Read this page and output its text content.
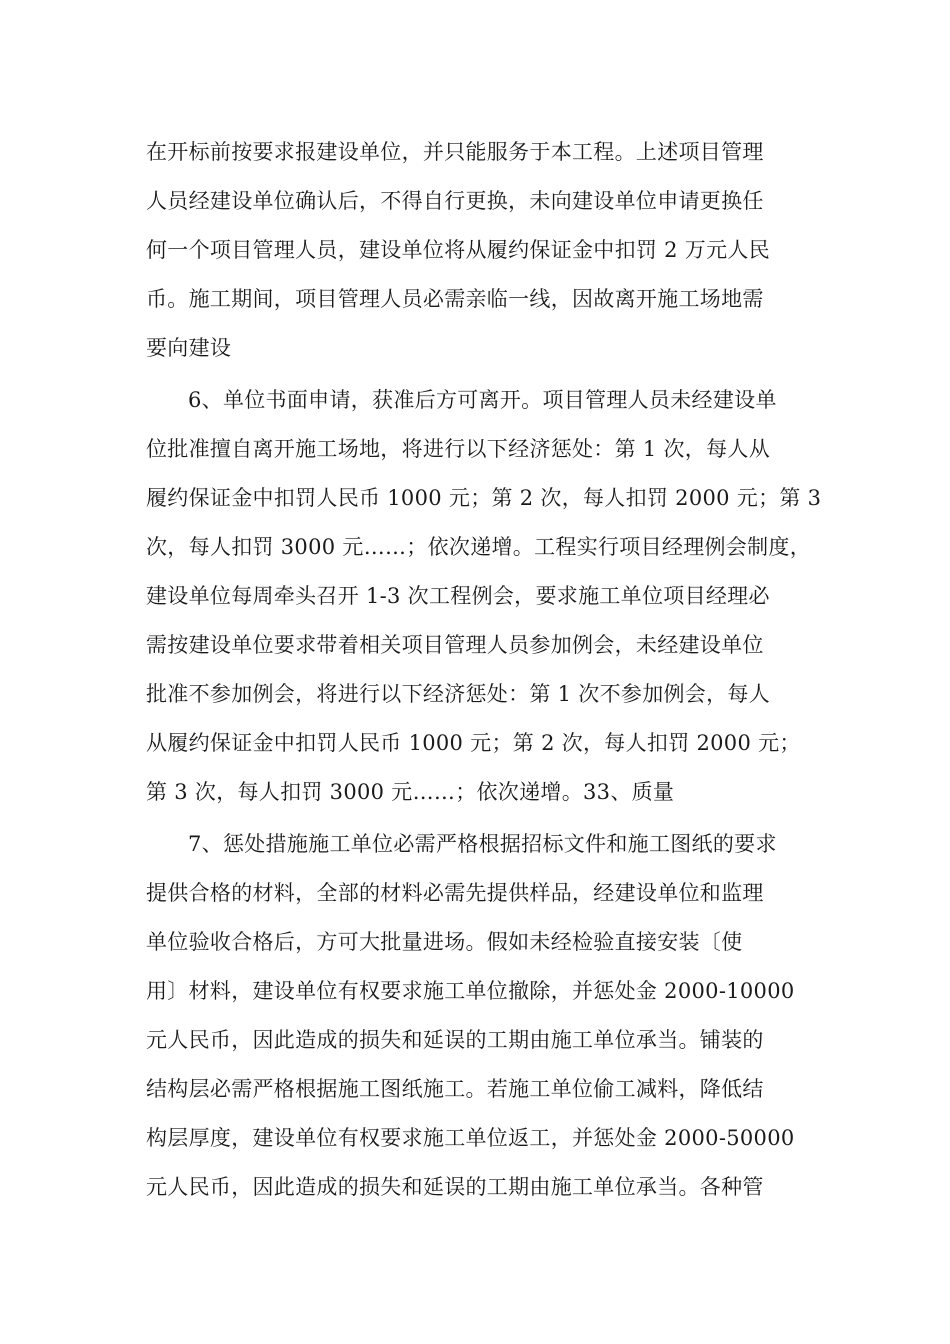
在开标前按要求报建设单位，并只能服务于本工程。上述项目管理
人员经建设单位确认后，不得自行更换，未向建设单位申请更换任
何一个项目管理人员，建设单位将从履约保证金中扣罚 2 万元人民
币。施工期间，项目管理人员必需亲临一线，因故离开施工场地需
要向建设
6、单位书面申请，获准后方可离开。项目管理人员未经建设单
位批准擅自离开施工场地，将进行以下经济惩处：第 1 次，每人从
履约保证金中扣罚人民币 1000 元；第 2 次，每人扣罚 2000 元；第 3
次，每人扣罚 3000 元……；依次递增。工程实行项目经理例会制度，
建设单位每周牵头召开 1-3 次工程例会，要求施工单位项目经理必
需按建设单位要求带着相关项目管理人员参加例会，未经建设单位
批准不参加例会，将进行以下经济惩处：第 1 次不参加例会，每人
从履约保证金中扣罚人民币 1000 元；第 2 次，每人扣罚 2000 元；
第 3 次，每人扣罚 3000 元……；依次递增。33、质量
7、惩处措施施工单位必需严格根据招标文件和施工图纸的要求
提供合格的材料，全部的材料必需先提供样品，经建设单位和监理
单位验收合格后，方可大批量进场。假如未经检验直接安装〔使
用〕材料，建设单位有权要求施工单位撤除，并惩处金 2000-10000
元人民币，因此造成的损失和延误的工期由施工单位承当。铺装的
结构层必需严格根据施工图纸施工。若施工单位偷工减料，降低结
构层厚度，建设单位有权要求施工单位返工，并惩处金 2000-50000
元人民币，因此造成的损失和延误的工期由施工单位承当。各种管
